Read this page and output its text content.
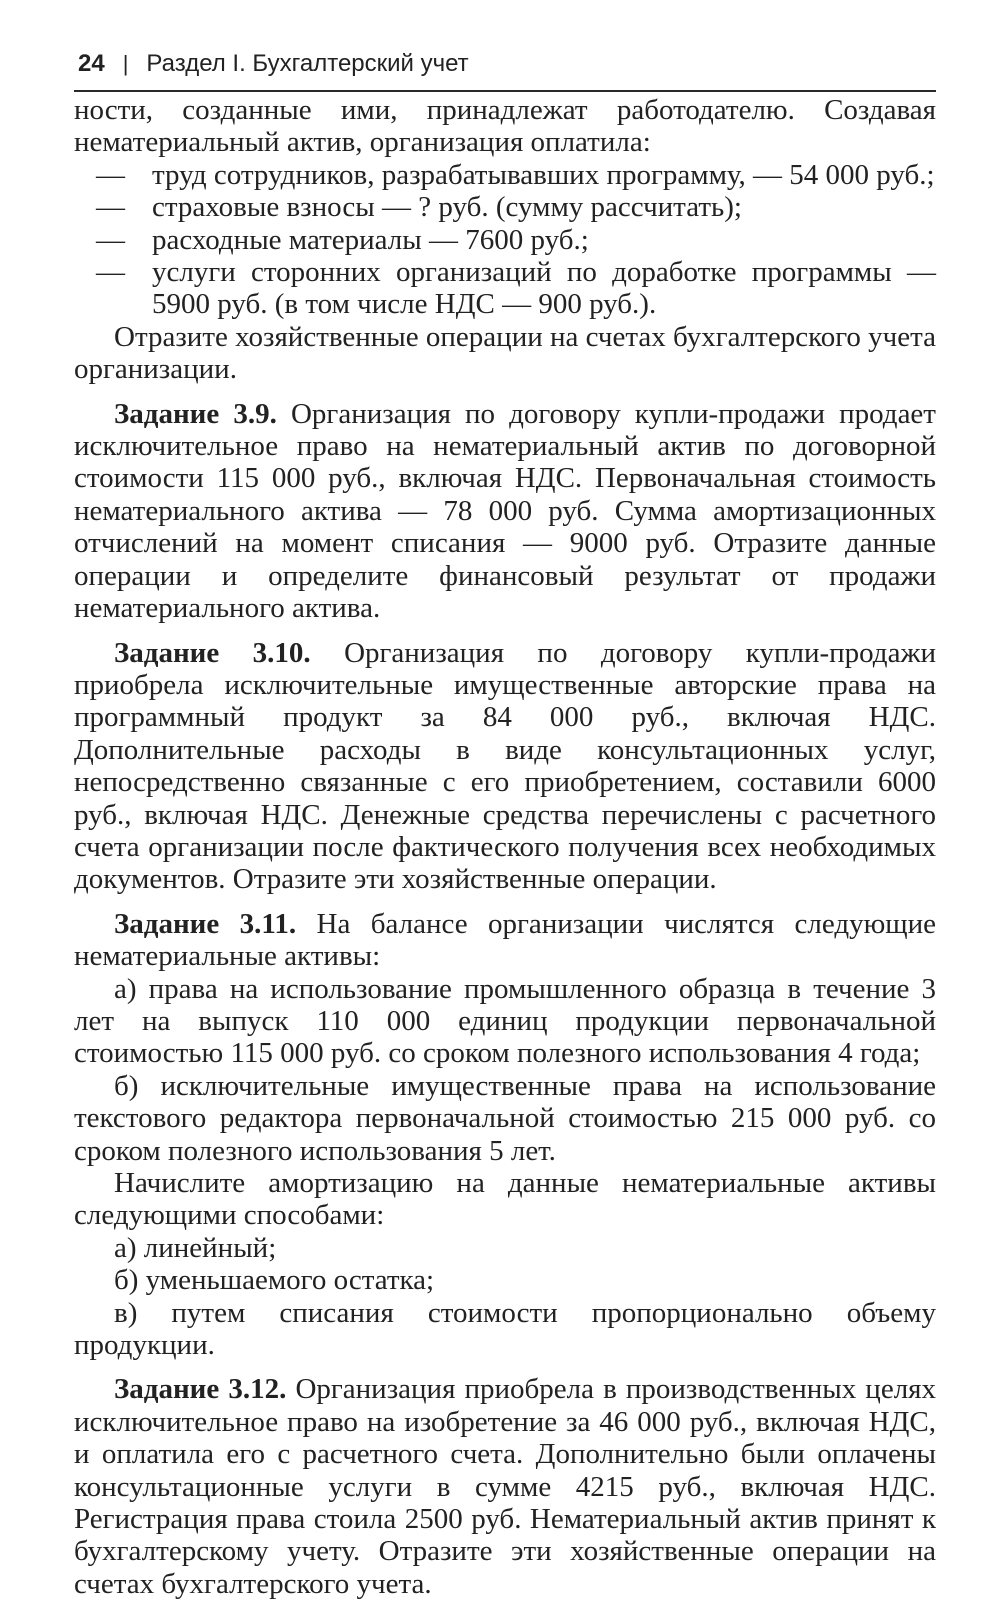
24 | Раздел I. Бухгалтерский учет

ности, созданные ими, принадлежат работодателю. Создавая нематериальный актив, организация оплатила:

— труд сотрудников, разрабатывавших программу, — 54 000 руб.;
— страховые взносы — ? руб. (сумму рассчитать);
— расходные материалы — 7600 руб.;
— услуги сторонних организаций по доработке программы — 5900 руб. (в том числе НДС — 900 руб.).

Отразите хозяйственные операции на счетах бухгалтерского учета организации.

Задание 3.9. Организация по договору купли-продажи продает исключительное право на нематериальный актив по договорной стоимости 115 000 руб., включая НДС. Первоначальная стоимость нематериального актива — 78 000 руб. Сумма амортизационных отчислений на момент списания — 9000 руб. Отразите данные операции и определите финансовый результат от продажи нематериального актива.

Задание 3.10. Организация по договору купли-продажи приобрела исключительные имущественные авторские права на программный продукт за 84 000 руб., включая НДС. Дополнительные расходы в виде консультационных услуг, непосредственно связанные с его приобретением, составили 6000 руб., включая НДС. Денежные средства перечислены с расчетного счета организации после фактического получения всех необходимых документов. Отразите эти хозяйственные операции.

Задание 3.11. На балансе организации числятся следующие нематериальные активы:

а) права на использование промышленного образца в течение 3 лет на выпуск 110 000 единиц продукции первоначальной стоимостью 115 000 руб. со сроком полезного использования 4 года;

б) исключительные имущественные права на использование текстового редактора первоначальной стоимостью 215 000 руб. со сроком полезного использования 5 лет.

Начислите амортизацию на данные нематериальные активы следующими способами:

а) линейный;

б) уменьшаемого остатка;

в) путем списания стоимости пропорционально объему продукции.

Задание 3.12. Организация приобрела в производственных целях исключительное право на изобретение за 46 000 руб., включая НДС, и оплатила его с расчетного счета. Дополнительно были оплачены консультационные услуги в сумме 4215 руб., включая НДС. Регистрация права стоила 2500 руб. Нематериальный актив принят к бухгалтерскому учету. Отразите эти хозяйственные операции на счетах бухгалтерского учета.
